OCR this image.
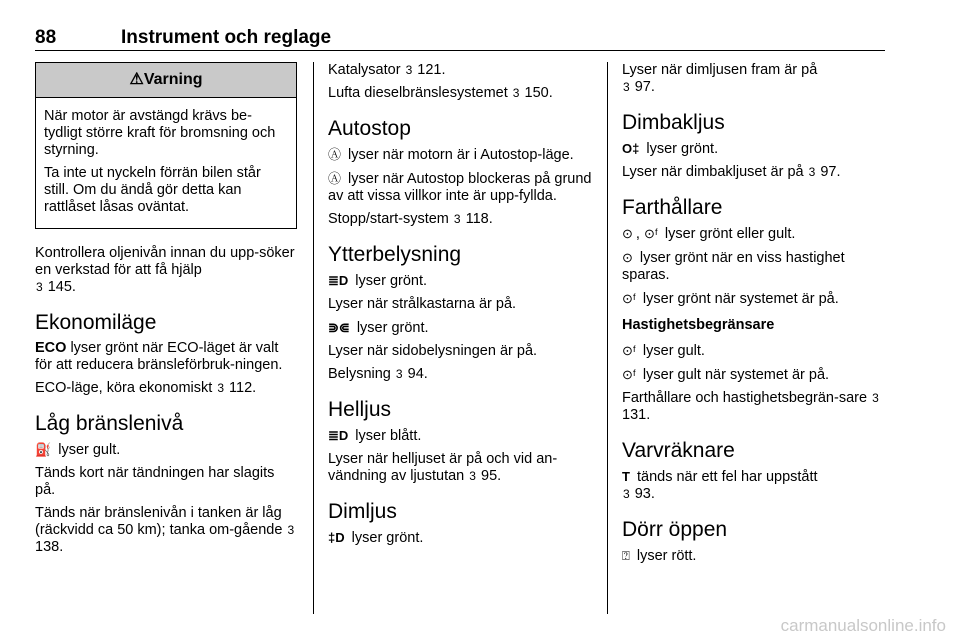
88	Instrument och reglage
⚠Varning

När motor är avstängd krävs be-tydligt större kraft för bromsning och styrning.

Ta inte ut nyckeln förrän bilen står still. Om du ändå gör detta kan rattlåset låsas oväntat.

Kontrollera oljenivån innan du upp-söker en verkstad för att få hjälp
3 145.

Ekonomiläge

ECO lyser grönt när ECO-läget är valt för att reducera bränsleförbruk-ningen.

ECO-läge, köra ekonomiskt 3 112.

Låg bränslenivå

⛽ lyser gult.

Tänds kort när tändningen har slagits på.

Tänds när bränslenivån i tanken är låg (räckvidd ca 50 km); tanka om-gående 3 138.

Katalysator 3 121.

Lufta dieselbränslesystemet 3 150.

Autostop

Ⓐ lyser när motorn är i Autostop-läge.

Ⓐ lyser när Autostop blockeras på grund av att vissa villkor inte är upp-fyllda.

Stopp/start-system 3 118.

Ytterbelysning

≣D lyser grönt.

Lyser när strålkastarna är på.

⋑⋐ lyser grönt.

Lyser när sidobelysningen är på.

Belysning 3 94.

Helljus

≣D lyser blått.

Lyser när helljuset är på och vid an-vändning av ljustutan 3 95.

Dimljus

‡D lyser grönt.

Lyser när dimljusen fram är på
3 97.

Dimbakljus

O‡ lyser grönt.

Lyser när dimbakljuset är på 3 97.

Farthållare

⊙ , ⊙ᶠ lyser grönt eller gult.

⊙ lyser grönt när en viss hastighet sparas.

⊙ᶠ lyser grönt när systemet är på.

Hastighetsbegränsare

⊙ᶠ lyser gult.

⊙ᶠ lyser gult när systemet är på.

Farthållare och hastighetsbegrän-sare 3 131.

Varvräknare

T tänds när ett fel har uppstått
3 93.

Dörr öppen

⍰ lyser rött.

carmanualsonline.info
